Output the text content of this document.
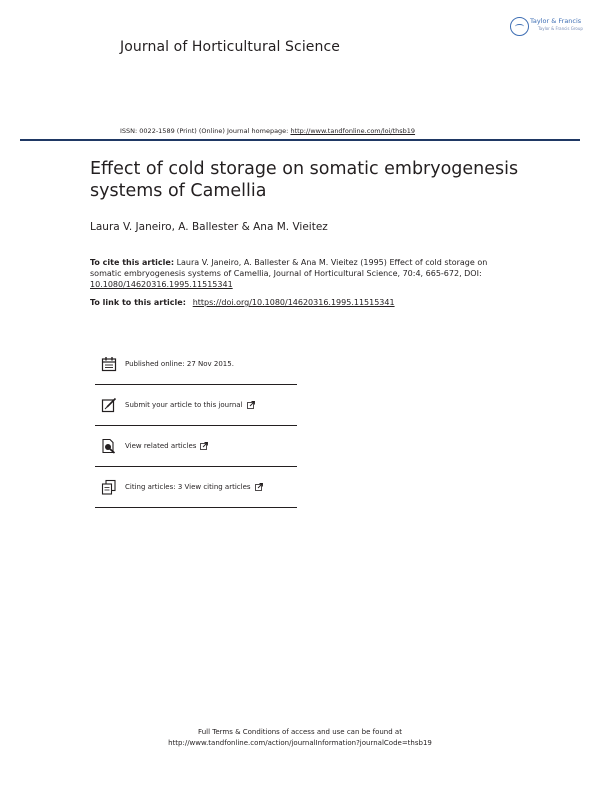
Journal of Horticultural Science
Taylor & Francis
Taylor & Francis Group
ISSN: 0022-1589 (Print) (Online) Journal homepage: http://www.tandfonline.com/loi/thsb19
Effect of cold storage on somatic embryogenesis systems of Camellia
Laura V. Janeiro, A. Ballester & Ana M. Vieitez
To cite this article: Laura V. Janeiro, A. Ballester & Ana M. Vieitez (1995) Effect of cold storage on somatic embryogenesis systems of Camellia, Journal of Horticultural Science, 70:4, 665-672, DOI: 10.1080/14620316.1995.11515341
To link to this article: https://doi.org/10.1080/14620316.1995.11515341
Published online: 27 Nov 2015.
Submit your article to this journal
View related articles
Citing articles: 3 View citing articles
Full Terms & Conditions of access and use can be found at
http://www.tandfonline.com/action/journalInformation?journalCode=thsb19
